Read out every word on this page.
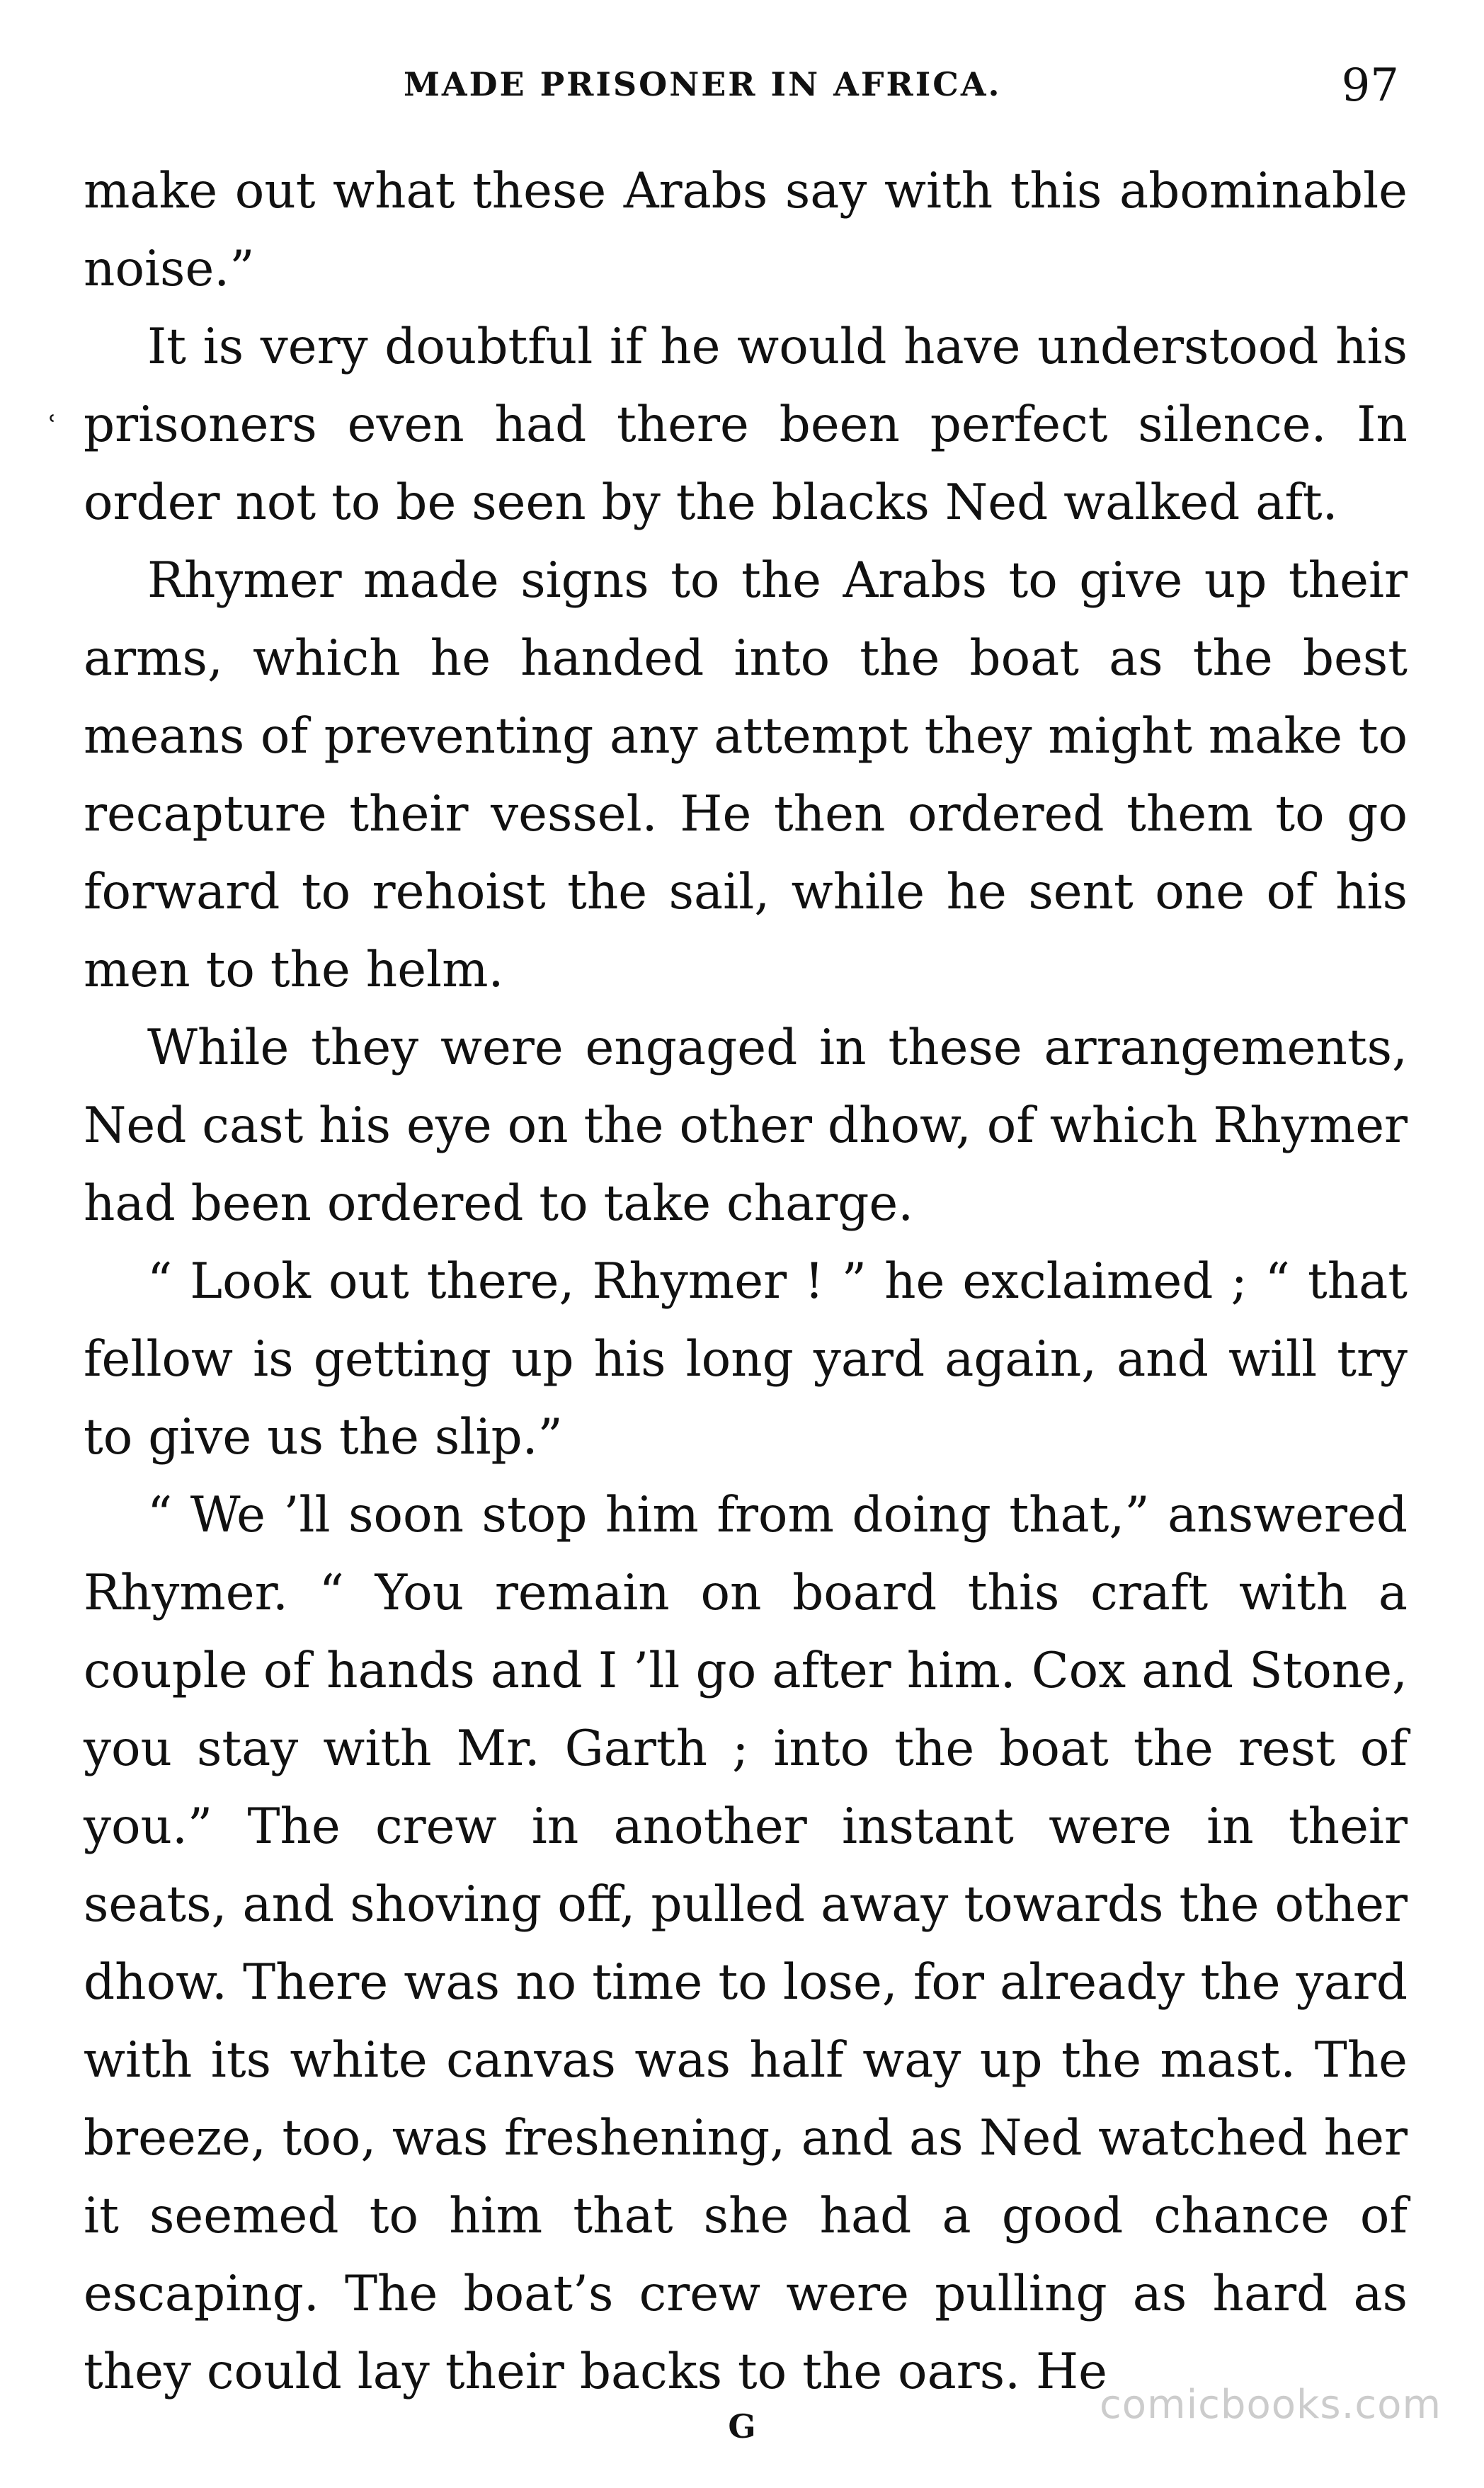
MADE PRISONER IN AFRICA.	97
ʿ

make out what these Arabs say with this abominable noise.”

It is very doubtful if he would have understood his prisoners even had there been perfect silence. In order not to be seen by the blacks Ned walked aft.

Rhymer made signs to the Arabs to give up their arms, which he handed into the boat as the best means of preventing any attempt they might make to recapture their vessel. He then ordered them to go forward to rehoist the sail, while he sent one of his men to the helm.

While they were engaged in these arrangements, Ned cast his eye on the other dhow, of which Rhymer had been ordered to take charge.

“ Look out there, Rhymer ! ” he exclaimed ; “ that fellow is getting up his long yard again, and will try to give us the slip.”

“ We ’ll soon stop him from doing that,” answered Rhymer. “ You remain on board this craft with a couple of hands and I ’ll go after him. Cox and Stone, you stay with Mr. Garth ; into the boat the rest of you.” The crew in another instant were in their seats, and shoving off, pulled away towards the other dhow. There was no time to lose, for already the yard with its white canvas was half way up the mast. The breeze, too, was freshening, and as Ned watched her it seemed to him that she had a good chance of escaping. The boat’s crew were pulling as hard as they could lay their backs to the oars. He

G	comicbooks.com
